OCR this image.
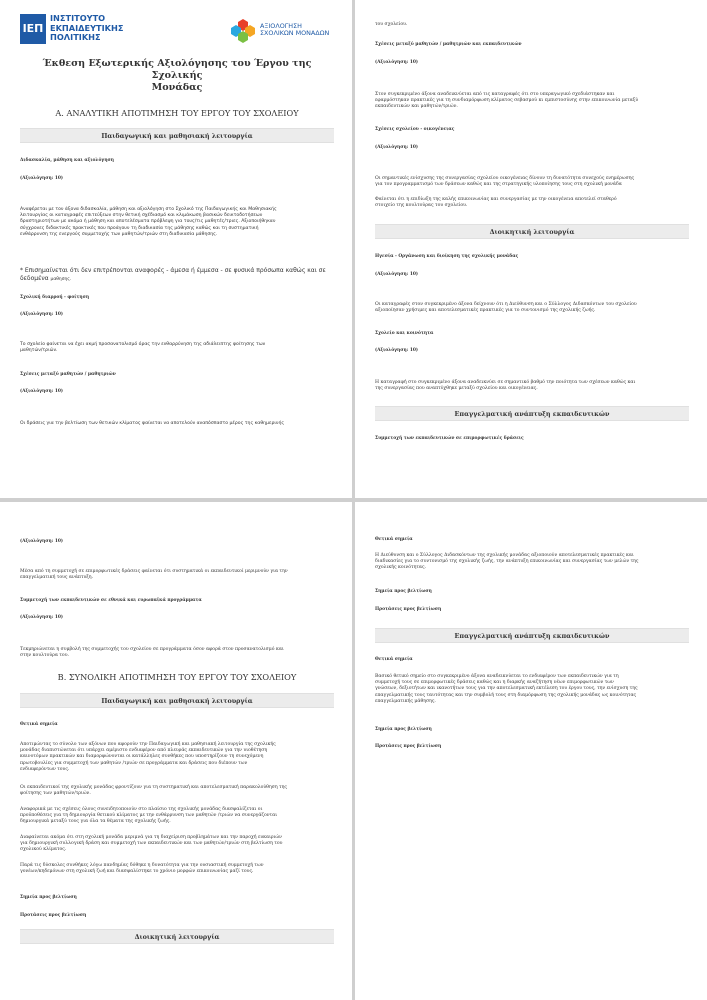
ΙΕΠ
ΙΝΣΤΙΤΟΥΤΟ
ΕΚΠΑΙΔΕΥΤΙΚΗΣ
ΠΟΛΙΤΙΚΗΣ
ΑΞΙΟΛΟΓΗΣΗ
ΣΧΟΛΙΚΩΝ ΜΟΝΑΔΩΝ
Έκθεση Εξωτερικής Αξιολόγησης του Έργου της Σχολικής
Μονάδας
Α. ΑΝΑΛΥΤΙΚΗ ΑΠΟΤΙΜΗΣΗ ΤΟΥ ΕΡΓΟΥ ΤΟΥ ΣΧΟΛΕΙΟΥ
Παιδαγωγική και μαθησιακή λειτουργία
Διδασκαλία, μάθηση και αξιολόγηση
(Αξιολόγηση: 10)
Αναφέρεται με τον άξονα διδασκαλία, μάθηση και αξιολόγηση στο Σχολικό της Παιδαγωγικής και Μαθησιακής
λειτουργίας οι καταγραφές επιτεύξεων στην θετική σχέδιασμό και κλιμάκωση βασικών δεικτοδοτήσεων
δραστηριοτήτων με ακόμα ή μάθηση και αποτελέσματα πρόβλεψη για τους/τις μαθητές/τριες. Αξιοποιήθηκαν
σύγχρονες διδακτικές πρακτικές που προάγουν τη διαδικασία της μάθησης καθώς και τη συστηματική
ενθάρρυνση της ενεργούς συμμετοχής των μαθητών/τριών στη διαδικασία μάθησης.
* Επισημαίνεται ότι δεν επιτρέπονται αναφορές - άμεσα ή έμμεσα - σε φυσικά πρόσωπα καθώς και σε δεδομένα μαθησης.
Σχολική διαρροή - φοίτηση
(Αξιολόγηση: 10)
Το σχολείο φαίνεται να έχει ακμή προσανατολισμό όρας την ενθαρρύνηση της αδιάλειπτης φοίτησης των
μαθητών/τριών.
Σχέσεις μεταξύ μαθητών / μαθητριών
(Αξιολόγηση: 10)
Οι δράσεις για την βελτίωση των θετικών κλίματος φαίνεται να αποτελούν αναπόσπαστο μέρος της καθημερινής
του σχολείου.
Σχέσεις μεταξύ μαθητών / μαθητριών και εκπαιδευτικών
(Αξιολόγηση: 10)
Στον συγκεκριμένο άξονα αναδεικνύεται από τις καταγραφές ότι στο υπεραγωγικό σχεδιάστηκαν και
εφαρμόστηκαν πρακτικές για τη συνδιαμόρφωση κλίματος σεβασμού κι εμπιστοσύνης στην επικοινωνία μεταξύ
εκπαιδευτικών και μαθητών/τριών.
Σχέσεις σχολείου - οικογένειας
(Αξιολόγηση: 10)
Οι σημαντικές ενίσχυσης της συνεργασίας σχολείου οικογένειας δίνουν τη δυνατότητα συνεχούς ενημέρωσης
για τον προγραμματισμό των δράσεων καθώς και της στρατηγικής υλοποίησης τους στη σχολική μονάδα
Φαίνεται ότι η επιδίωξη της καλής επικοινωνίας και συνεργασίας με την οικογένεια αποτελεί σταθερό
στοιχείο της κουλτούρας του σχολείου.
Διοικητική λειτουργία
Ηγεσία - Οργάνωση και διοίκηση της σχολικής μονάδας
(Αξιολόγηση: 10)
Οι καταγραφές στον συγκεκριμένο άξονα δείχνουν ότι η Διεύθυνση και ο Σύλλογος Διδασκόντων του σχολείου
αξιοποίησαν χρήσιμες και αποτελεσματικές πρακτικές για το συντονισμό της σχολικής ζωής.
Σχολείο και κοινότητα
(Αξιολόγηση: 10)
Η καταγραφή στο συγκεκριμένο άξονα αναδεικνύει σε σημαντικό βαθμό την ποιότητα των σχέσεων καθώς και
της συνεργασίας που αναπτύχθηκε μεταξύ σχολείου και οικογένειας.
Επαγγελματική ανάπτυξη εκπαιδευτικών
Συμμετοχή των εκπαιδευτικών σε επιμορφωτικές δράσεις
(Αξιολόγηση: 10)
Μέσα από τη συμμετοχή σε επιμορφωτικές δράσεις φαίνεται ότι συστηματικά οι εκπαιδευτικοί μεριμνούν για την
επαγγελματική τους ανάπτυξη.
Συμμετοχή των εκπαιδευτικών σε εθνικά και ευρωπαϊκά προγράμματα
(Αξιολόγηση: 10)
Τεκμηριώνεται η συμβολή της συμμετοχής του σχολείου σε προγράμματα όσον αφορά στον προσανατολισμό και
στην κουλτούρα του.
Β. ΣΥΝΟΛΙΚΗ ΑΠΟΤΙΜΗΣΗ ΤΟΥ ΕΡΓΟΥ ΤΟΥ ΣΧΟΛΕΙΟΥ
Παιδαγωγική και μαθησιακή λειτουργία
Θετικά σημεία
Αποτιμώντας το σύνολο των αξόνων που αφορούν την Παιδαγωγική και μαθησιακή λειτουργία της σχολικής
μονάδας διαπιστώνεται ότι υπάρχει αμέριστο ενδιαφέρον από πλευράς εκπαιδευτικών για την υιοθέτηση
καινοτόμων πρακτικών και διαμορφώνονται οι κατάλληλες συνθήκες που υποστηρίζουν τη συνεχόμενη
πρωτοβουλίες για συμμετοχή των μαθητών /τριών σε προγράμματα και δράσεις που διέπουν των
ενδιαφερόντων τους.
Οι εκπαιδευτικοί της σχολικής μονάδας φροντίζουν για τη συστηματική και αποτελεσματική παρακολούθηση της
φοίτησης των μαθητών/τριών.
Αναφορικά με τις σχέσεις όλους συνειδητοποιούν στο πλαίσιο της σχολικής μονάδας διασφαλίζεται οι
προϋποθέσεις για τη δημιουργία θετικού κλίματος με την ενθάρρυνση των μαθητών /τριών να συνεργάζονται
δημιουργικά μεταξύ τους για όλα τα θέματα της σχολικής ζωής.
Διαφαίνεται ακόμα ότι στη σχολική μονάδα μεριμνά για τη διαχείριση προβλημάτων και την παροχή ευκαιριών
για δημιουργική συλλογική δράση και συμμετοχή των εκπαιδευτικών και των μαθητών/τριών στη βελτίωση του
σχολικού κλίματος.
Παρά τις δύσκολες συνθήκες λόγω πανδημίας δόθηκε η δυνατότητα για την ουσιαστική συμμετοχή των
γονέων/κηδεμόνων στη σχολική ζωή και διασφαλίστηκε το χρόνιο μορφών επικοινωνίας μαζί τους.
Σημεία προς βελτίωση
Προτάσεις προς βελτίωση
Διοικητική λειτουργία
Θετικά σημεία
Η Διεύθυνση και ο Σύλλογος Διδασκόντων της σχολικής μονάδας αξιοποιούν αποτελεσματικές πρακτικές και
διαδικασίες για το συντονισμό της σχολικής ζωής, την ανάπτυξη επικοινωνίας και συνεργασίας των μελών της
σχολικής κοινότητας.
Σημεία προς βελτίωση
Προτάσεις προς βελτίωση
Επαγγελματική ανάπτυξη εκπαιδευτικών
Θετικά σημεία
Βασικό θετικό σημείο στο συγκεκριμένο άξονα αναδεικνύεται το ενδιαφέρον των εκπαιδευτικών για τη
συμμετοχή τους σε επιμορφωτικές δράσεις καθώς και η διαρκής αναζήτηση νέων επιμορφωτικών των
γνώσεων, δεξιοτήτων και ικανοτήτων τους για την αποτελεσματική εκτέλεση του έργου τους, την ενίσχυση της
επαγγελματικής τους ταυτότητας και την συμβολή τους στη διαμόρφωση της σχολικής μονάδας ως κοινότητας
επαγγελματικής μάθησης.
Σημεία προς βελτίωση
Προτάσεις προς βελτίωση
